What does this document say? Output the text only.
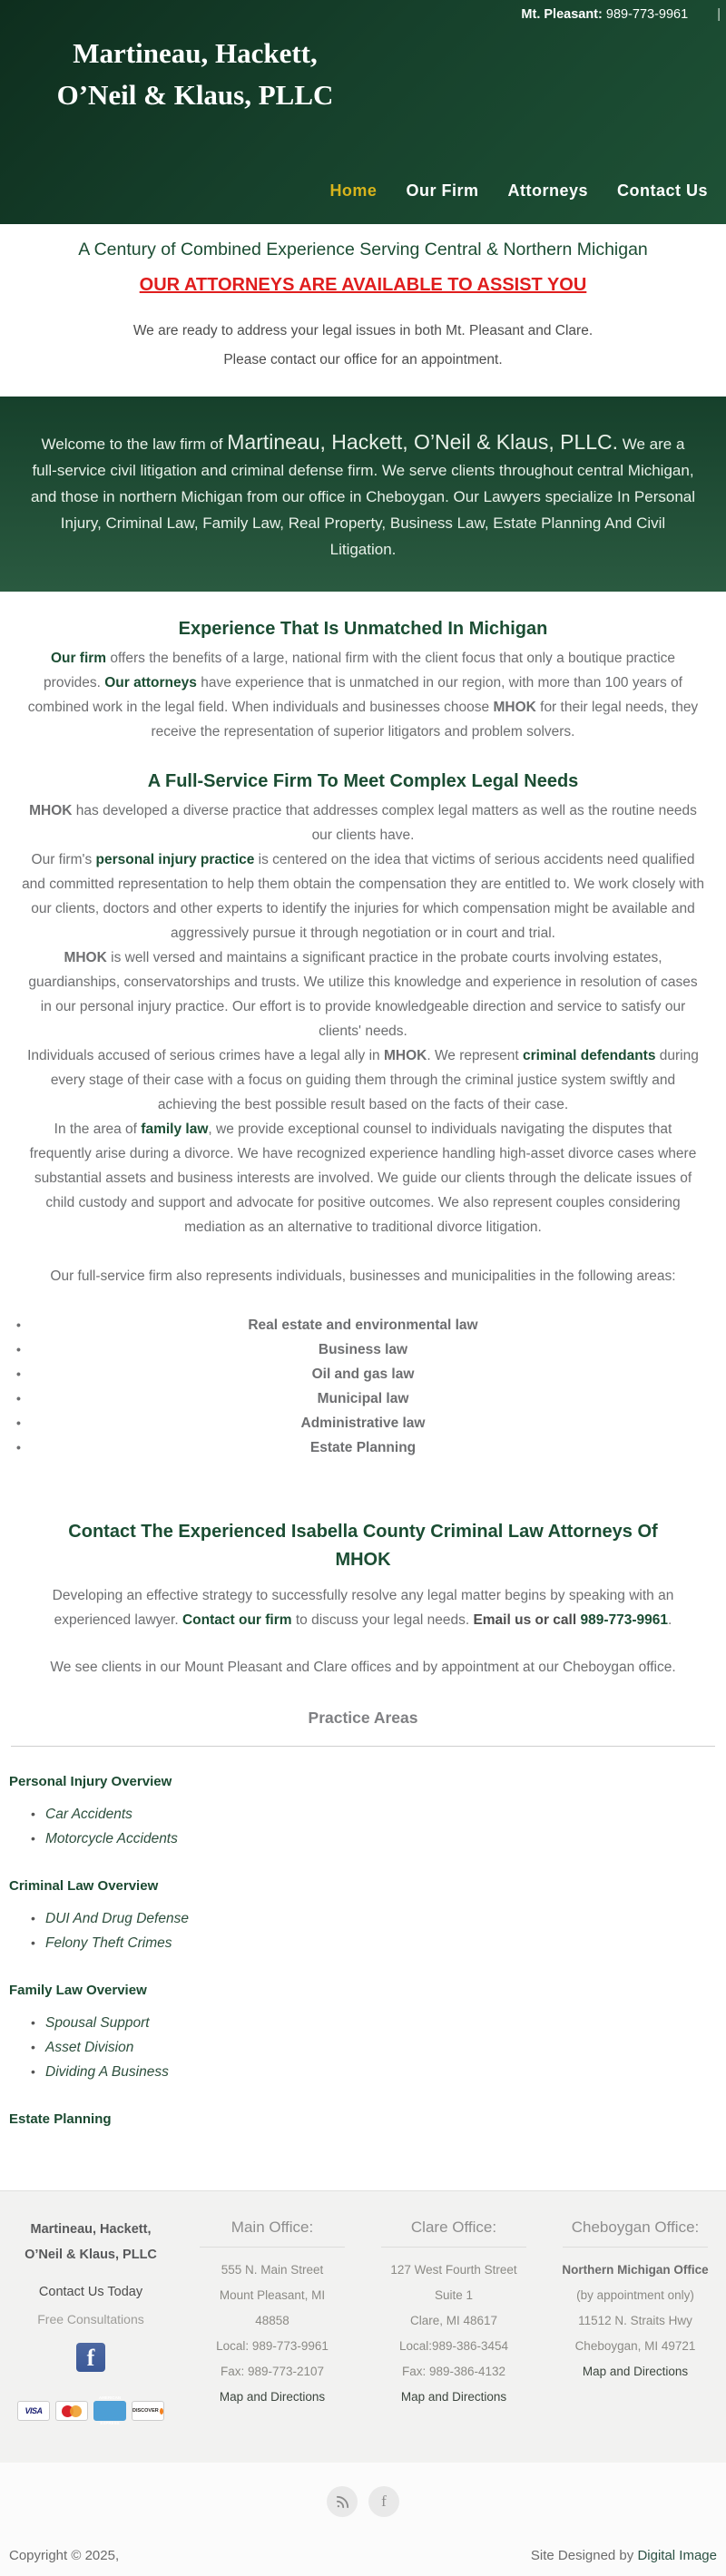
Mt. Pleasant: 989-773-9961 |
Martineau, Hackett,
O’Neil & Klaus, PLLC
Home Our Firm Attorneys Contact Us

A Century of Combined Experience Serving Central & Northern Michigan

OUR ATTORNEYS ARE AVAILABLE TO ASSIST YOU

We are ready to address your legal issues in both Mt. Pleasant and Clare.

Please contact our office for an appointment.

Welcome to the law firm of Martineau, Hackett, O’Neil & Klaus, PLLC. We are a full-service civil litigation and criminal defense firm. We serve clients throughout central Michigan, and those in northern Michigan from our office in Cheboygan. Our Lawyers specialize In Personal Injury, Criminal Law, Family Law, Real Property, Business Law, Estate Planning And Civil Litigation.
Experience That Is Unmatched In Michigan

Our firm offers the benefits of a large, national firm with the client focus that only a boutique practice provides. Our attorneys have experience that is unmatched in our region, with more than 100 years of combined work in the legal field. When individuals and businesses choose MHOK for their legal needs, they receive the representation of superior litigators and problem solvers.

A Full-Service Firm To Meet Complex Legal Needs

MHOK has developed a diverse practice that addresses complex legal matters as well as the routine needs our clients have.

Our firm's personal injury practice is centered on the idea that victims of serious accidents need qualified and committed representation to help them obtain the compensation they are entitled to. We work closely with our clients, doctors and other experts to identify the injuries for which compensation might be available and aggressively pursue it through negotiation or in court and trial.

MHOK is well versed and maintains a significant practice in the probate courts involving estates, guardianships, conservatorships and trusts. We utilize this knowledge and experience in resolution of cases in our personal injury practice. Our effort is to provide knowledgeable direction and service to satisfy our clients' needs.

Individuals accused of serious crimes have a legal ally in MHOK. We represent criminal defendants during every stage of their case with a focus on guiding them through the criminal justice system swiftly and achieving the best possible result based on the facts of their case.

In the area of family law, we provide exceptional counsel to individuals navigating the disputes that frequently arise during a divorce. We have recognized experience handling high-asset divorce cases where substantial assets and business interests are involved. We guide our clients through the delicate issues of child custody and support and advocate for positive outcomes. We also represent couples considering mediation as an alternative to traditional divorce litigation.

Our full-service firm also represents individuals, businesses and municipalities in the following areas:

•	Real estate and environmental law
•	Business law
•	Oil and gas law
•	Municipal law
•	Administrative law
•	Estate Planning
Contact The Experienced Isabella County Criminal Law Attorneys Of MHOK

Developing an effective strategy to successfully resolve any legal matter begins by speaking with an experienced lawyer. Contact our firm to discuss your legal needs. Email us or call 989-773-9961.

We see clients in our Mount Pleasant and Clare offices and by appointment at our Cheboygan office.

Practice Areas
Personal Injury Overview
• Car Accidents
• Motorcycle Accidents
Criminal Law Overview
• DUI And Drug Defense
• Felony Theft Crimes
Family Law Overview
• Spousal Support
• Asset Division
• Dividing A Business
Estate Planning
Martineau, Hackett,
O’Neil & Klaus, PLLC
Contact Us Today
Free Consultations
f
VISA
AMERICAN EXPRESS
DISCOVER
Main Office:
555 N. Main Street
Mount Pleasant, MI
48858
Local: 989-773-9961
Fax: 989-773-2107
Map and Directions
Clare Office:
127 West Fourth Street
Suite 1
Clare, MI 48617
Local:989-386-3454
Fax: 989-386-4132
Map and Directions
Cheboygan Office:
Northern Michigan Office
(by appointment only)
11512 N. Straits Hwy
Cheboygan, MI 49721
Map and Directions
f
Copyright © 2025,	Site Designed by Digital Image
